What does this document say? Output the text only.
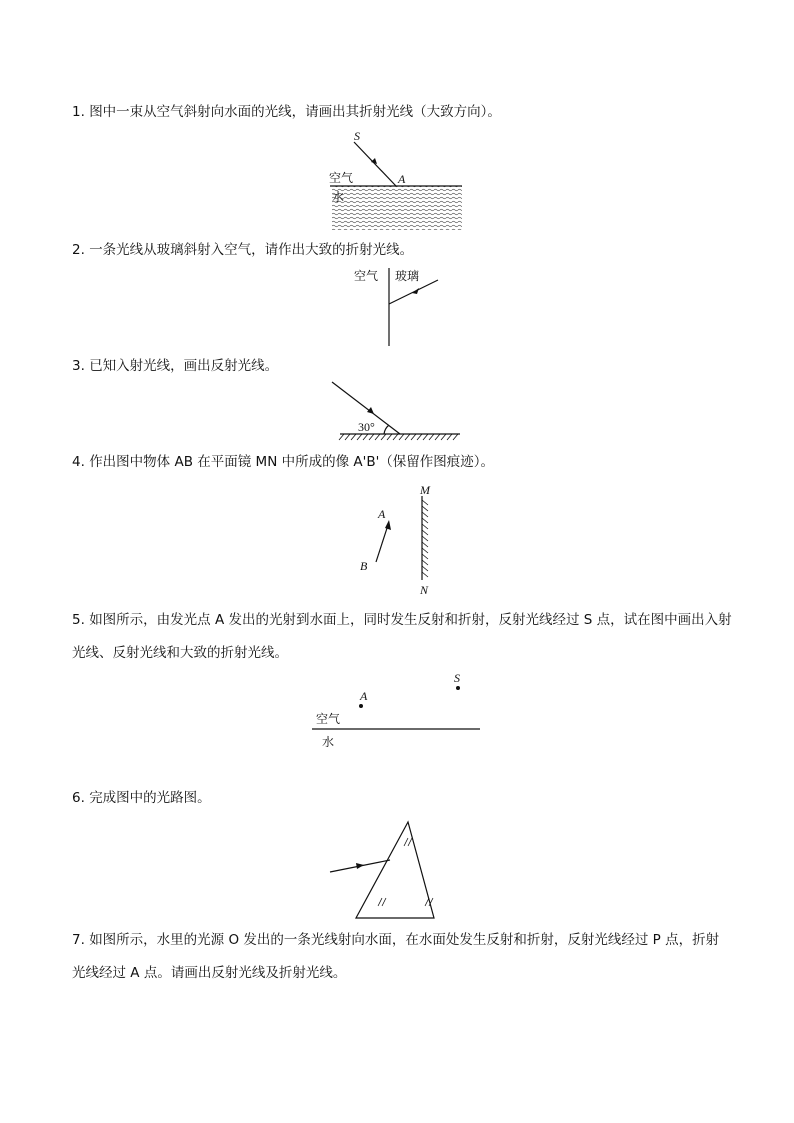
1. 图中一束从空气斜射向水面的光线，请画出其折射光线（大致方向）。
S
A
空气
水
2. 一条光线从玻璃斜射入空气，请作出大致的折射光线。
空气 玻璃
3. 已知入射光线，画出反射光线。
30°
4. 作出图中物体 AB 在平面镜 MN 中所成的像 A'B'（保留作图痕迹）。
M
N
A
B
5. 如图所示，由发光点 A 发出的光射到水面上，同时发生反射和折射，反射光线经过 S 点，试在图中画出入射光线、反射光线和大致的折射光线。
A
S
空气
水
6. 完成图中的光路图。
7. 如图所示，水里的光源 O 发出的一条光线射向水面，在水面处发生反射和折射，反射光线经过 P 点，折射光线经过 A 点。请画出反射光线及折射光线。
